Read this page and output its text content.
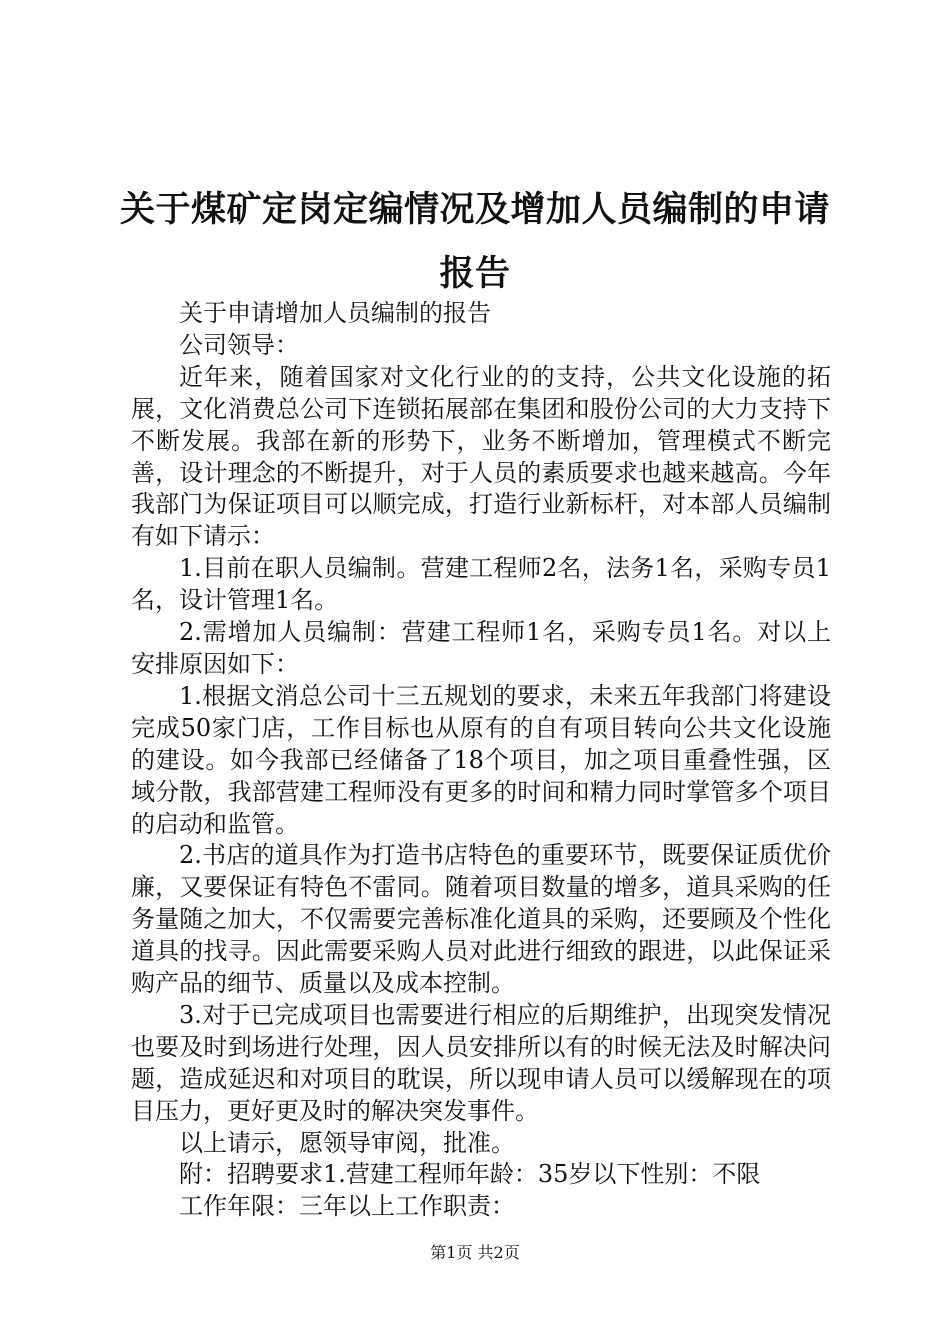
关于煤矿定岗定编情况及增加人员编制的申请报告

关于申请增加人员编制的报告

公司领导：

近年来，随着国家对文化行业的的支持，公共文化设施的拓展，文化消费总公司下连锁拓展部在集团和股份公司的大力支持下不断发展。我部在新的形势下，业务不断增加，管理模式不断完善，设计理念的不断提升，对于人员的素质要求也越来越高。今年我部门为保证项目可以顺完成，打造行业新标杆，对本部人员编制有如下请示：

1.目前在职人员编制。营建工程师2名，法务1名，采购专员1名，设计管理1名。

2.需增加人员编制：营建工程师1名，采购专员1名。对以上安排原因如下：

1.根据文消总公司十三五规划的要求，未来五年我部门将建设完成50家门店，工作目标也从原有的自有项目转向公共文化设施的建设。如今我部已经储备了18个项目，加之项目重叠性强，区域分散，我部营建工程师没有更多的时间和精力同时掌管多个项目的启动和监管。

2.书店的道具作为打造书店特色的重要环节，既要保证质优价廉，又要保证有特色不雷同。随着项目数量的增多，道具采购的任务量随之加大，不仅需要完善标准化道具的采购，还要顾及个性化道具的找寻。因此需要采购人员对此进行细致的跟进，以此保证采购产品的细节、质量以及成本控制。

3.对于已完成项目也需要进行相应的后期维护，出现突发情况也要及时到场进行处理，因人员安排所以有的时候无法及时解决问题，造成延迟和对项目的耽误，所以现申请人员可以缓解现在的项目压力，更好更及时的解决突发事件。

以上请示，愿领导审阅，批准。

附：招聘要求1.营建工程师年龄：35岁以下性别：不限

工作年限：三年以上工作职责：

第1页 共2页
